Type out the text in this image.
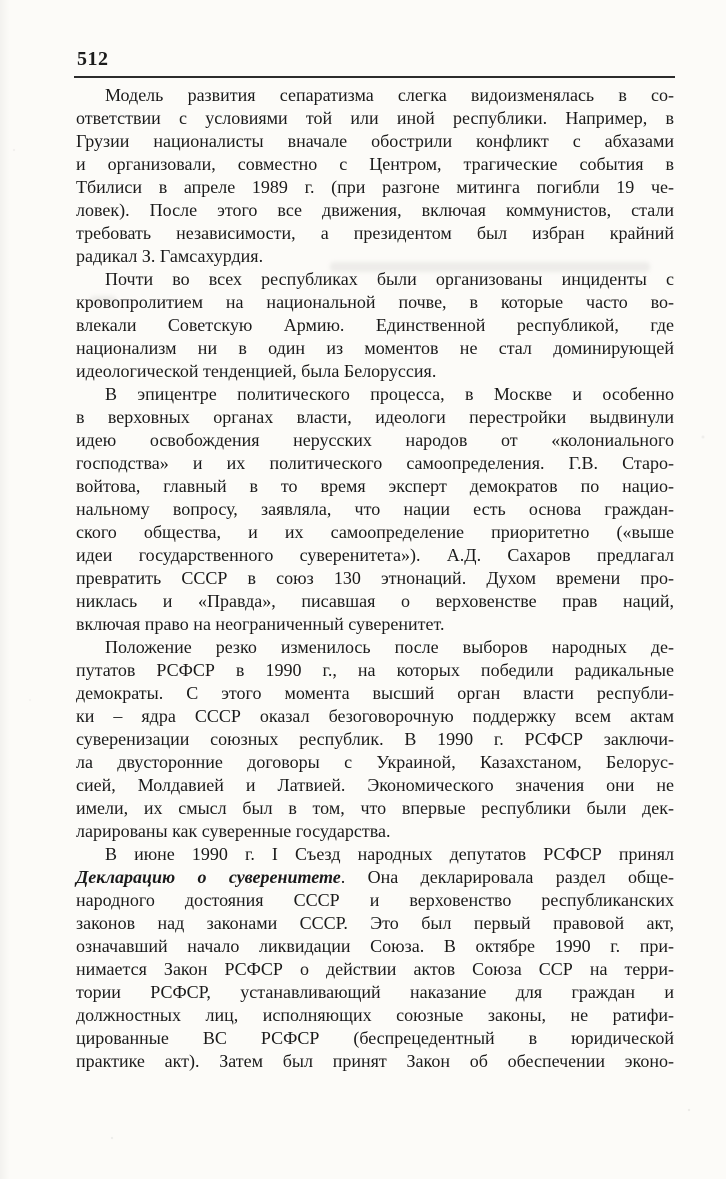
512
Модель развития сепаратизма слегка видоизменялась в со-
ответствии с условиями той или иной республики. Например, в
Грузии националисты вначале обострили конфликт с абхазами
и организовали, совместно с Центром, трагические события в
Тбилиси в апреле 1989 г. (при разгоне митинга погибли 19 че-
ловек). После этого все движения, включая коммунистов, стали
требовать независимости, а президентом был избран крайний
радикал З. Гамсахурдия.
Почти во всех республиках были организованы инциденты с
кровопролитием на национальной почве, в которые часто во-
влекали Советскую Армию. Единственной республикой, где
национализм ни в один из моментов не стал доминирующей
идеологической тенденцией, была Белоруссия.
В эпицентре политического процесса, в Москве и особенно
в верховных органах власти, идеологи перестройки выдвинули
идею освобождения нерусских народов от «колониального
господства» и их политического самоопределения. Г.В. Старо-
войтова, главный в то время эксперт демократов по нацио-
нальному вопросу, заявляла, что нации есть основа граждан-
ского общества, и их самоопределение приоритетно («выше
идеи государственного суверенитета»). А.Д. Сахаров предлагал
превратить СССР в союз 130 этнонаций. Духом времени про-
никлась и «Правда», писавшая о верховенстве прав наций,
включая право на неограниченный суверенитет.
Положение резко изменилось после выборов народных де-
путатов РСФСР в 1990 г., на которых победили радикальные
демократы. С этого момента высший орган власти республи-
ки – ядра СССР оказал безоговорочную поддержку всем актам
суверенизации союзных республик. В 1990 г. РСФСР заключи-
ла двусторонние договоры с Украиной, Казахстаном, Белорус-
сией, Молдавией и Латвией. Экономического значения они не
имели, их смысл был в том, что впервые республики были дек-
ларированы как суверенные государства.
В июне 1990 г. I Съезд народных депутатов РСФСР принял
Декларацию о суверенитете. Она декларировала раздел обще-
народного достояния СССР и верховенство республиканских
законов над законами СССР. Это был первый правовой акт,
означавший начало ликвидации Союза. В октябре 1990 г. при-
нимается Закон РСФСР о действии актов Союза ССР на терри-
тории РСФСР, устанавливающий наказание для граждан и
должностных лиц, исполняющих союзные законы, не ратифи-
цированные ВС РСФСР (беспрецедентный в юридической
практике акт). Затем был принят Закон об обеспечении эконо-
